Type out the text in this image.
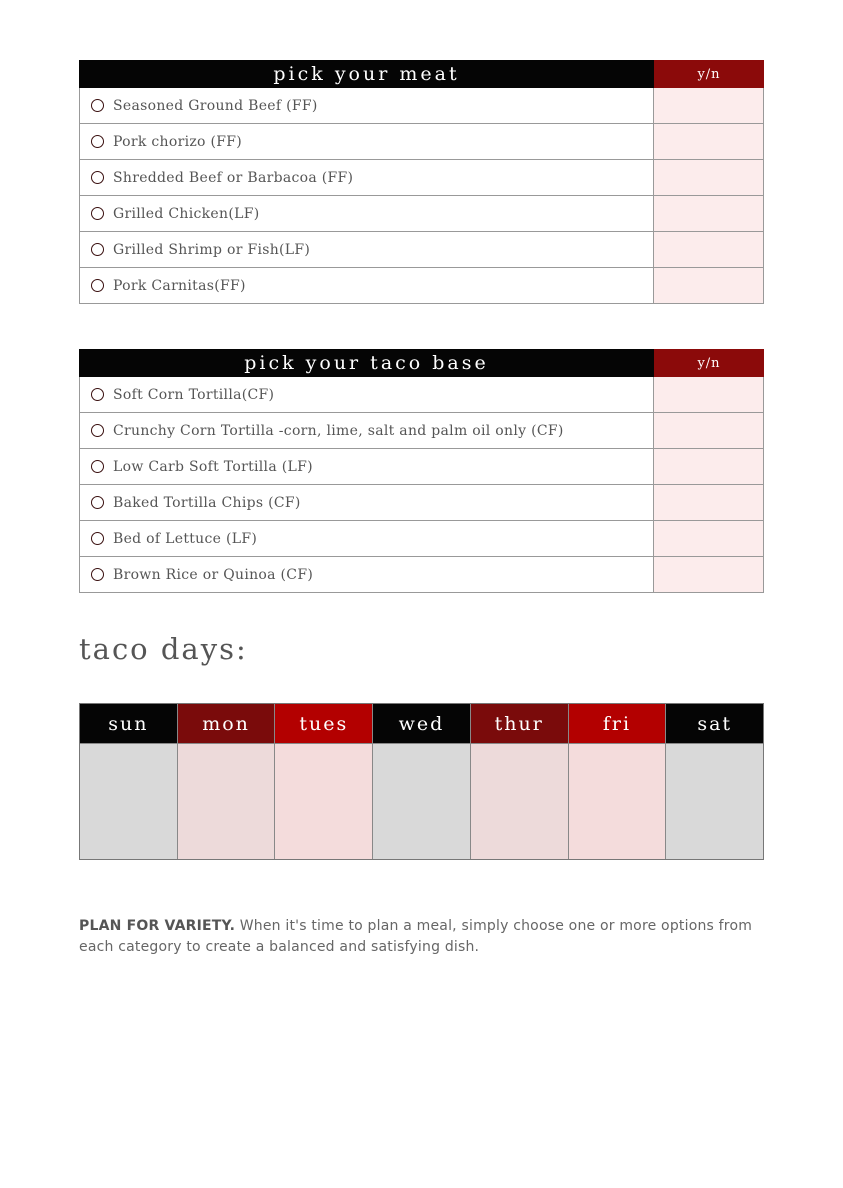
pick your meat	y/n
Seasoned Ground Beef (FF)
Pork chorizo (FF)
Shredded Beef or Barbacoa (FF)
Grilled Chicken(LF)
Grilled Shrimp or Fish(LF)
Pork Carnitas(FF)
pick your taco base	y/n
Soft Corn Tortilla(CF)
Crunchy Corn Tortilla -corn, lime, salt and palm oil only (CF)
Low Carb Soft Tortilla (LF)
Baked Tortilla Chips (CF)
Bed of Lettuce (LF)
Brown Rice or Quinoa (CF)
taco days:
sun	mon	tues	wed	thur	fri	sat
PLAN FOR VARIETY. When it's time to plan a meal, simply choose one or more options from each category to create a balanced and satisfying dish.
